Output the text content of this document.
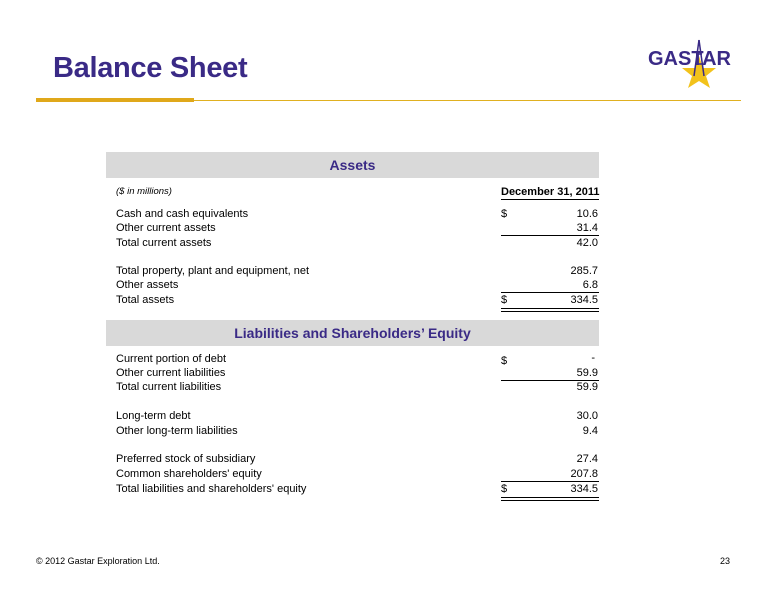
Balance Sheet	GASTAR
Assets
($ in millions)	December 31, 2011
Cash and cash equivalents	$	10.6
Other current assets	31.4
Total current assets	42.0
Total property, plant and equipment, net	285.7
Other assets	6.8
Total assets	$	334.5
Liabilities and Shareholders’ Equity
Current portion of debt	$	-
Other current liabilities	59.9
Total current liabilities	59.9
Long-term debt	30.0
Other long-term liabilities	9.4
Preferred stock of subsidiary	27.4
Common shareholders' equity	207.8
Total liabilities and shareholders' equity	$	334.5
© 2012 Gastar Exploration Ltd.	23
